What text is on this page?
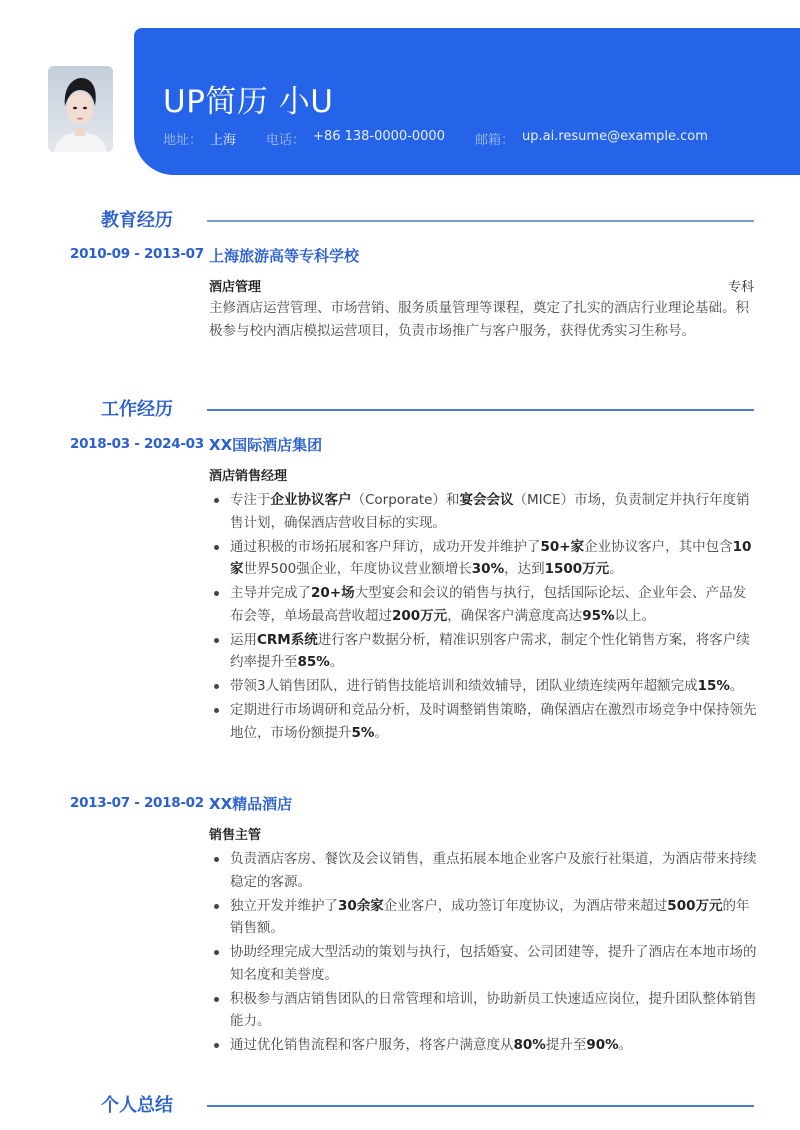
UP简历 小U
地址： 上海 电话： +86 138-0000-0000 邮箱： up.ai.resume@example.com
教育经历
2010-09 - 2013-07 上海旅游高等专科学校
酒店管理	专科
主修酒店运营管理、市场营销、服务质量管理等课程，奠定了扎实的酒店行业理论基础。积极参与校内酒店模拟运营项目，负责市场推广与客户服务，获得优秀实习生称号。
工作经历
2018-03 - 2024-03 XX国际酒店集团
酒店销售经理
专注于企业协议客户（Corporate）和宴会会议（MICE）市场，负责制定并执行年度销售计划，确保酒店营收目标的实现。
通过积极的市场拓展和客户拜访，成功开发并维护了50+家企业协议客户，其中包含10家世界500强企业，年度协议营业额增长30%，达到1500万元。
主导并完成了20+场大型宴会和会议的销售与执行，包括国际论坛、企业年会、产品发布会等，单场最高营收超过200万元，确保客户满意度高达95%以上。
运用CRM系统进行客户数据分析，精准识别客户需求，制定个性化销售方案，将客户续约率提升至85%。
带领3人销售团队，进行销售技能培训和绩效辅导，团队业绩连续两年超额完成15%。
定期进行市场调研和竞品分析，及时调整销售策略，确保酒店在激烈市场竞争中保持领先地位，市场份额提升5%。
2013-07 - 2018-02 XX精品酒店
销售主管
负责酒店客房、餐饮及会议销售，重点拓展本地企业客户及旅行社渠道，为酒店带来持续稳定的客源。
独立开发并维护了30余家企业客户，成功签订年度协议，为酒店带来超过500万元的年销售额。
协助经理完成大型活动的策划与执行，包括婚宴、公司团建等，提升了酒店在本地市场的知名度和美誉度。
积极参与酒店销售团队的日常管理和培训，协助新员工快速适应岗位，提升团队整体销售能力。
通过优化销售流程和客户服务，将客户满意度从80%提升至90%。
个人总结
